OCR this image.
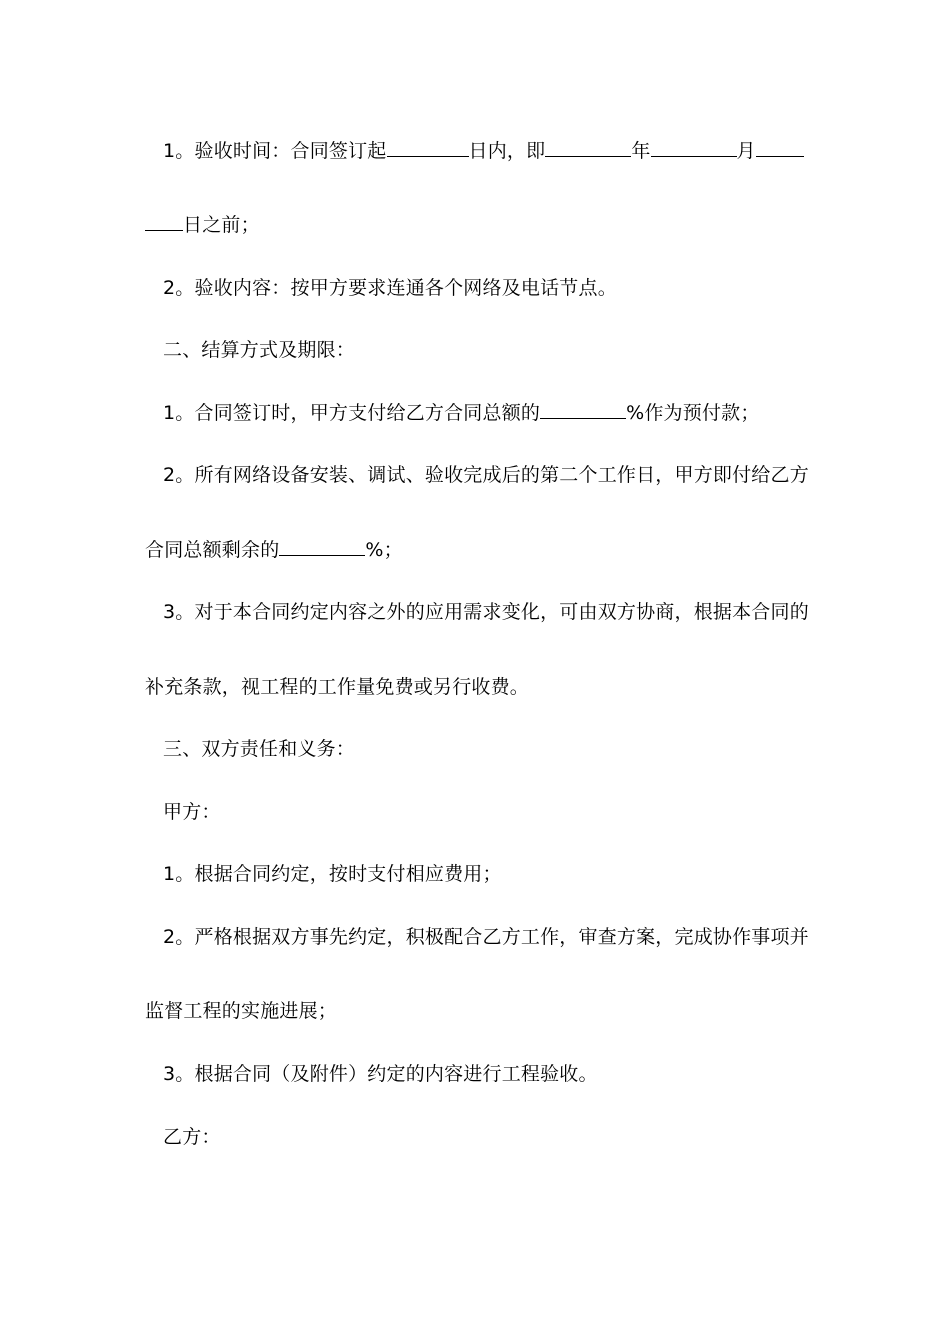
1。验收时间：合同签订起	日内，即	年	月
日之前；
2。验收内容：按甲方要求连通各个网络及电话节点。
二、结算方式及期限：
1。合同签订时，甲方支付给乙方合同总额的	%作为预付款；
2。所有网络设备安装、调试、验收完成后的第二个工作日，甲方即付给乙方
合同总额剩余的	%；
3。对于本合同约定内容之外的应用需求变化，可由双方协商，根据本合同的
补充条款，视工程的工作量免费或另行收费。
三、双方责任和义务：
甲方：
1。根据合同约定，按时支付相应费用；
2。严格根据双方事先约定，积极配合乙方工作，审查方案，完成协作事项并
监督工程的实施进展；
3。根据合同（及附件）约定的内容进行工程验收。
乙方：
